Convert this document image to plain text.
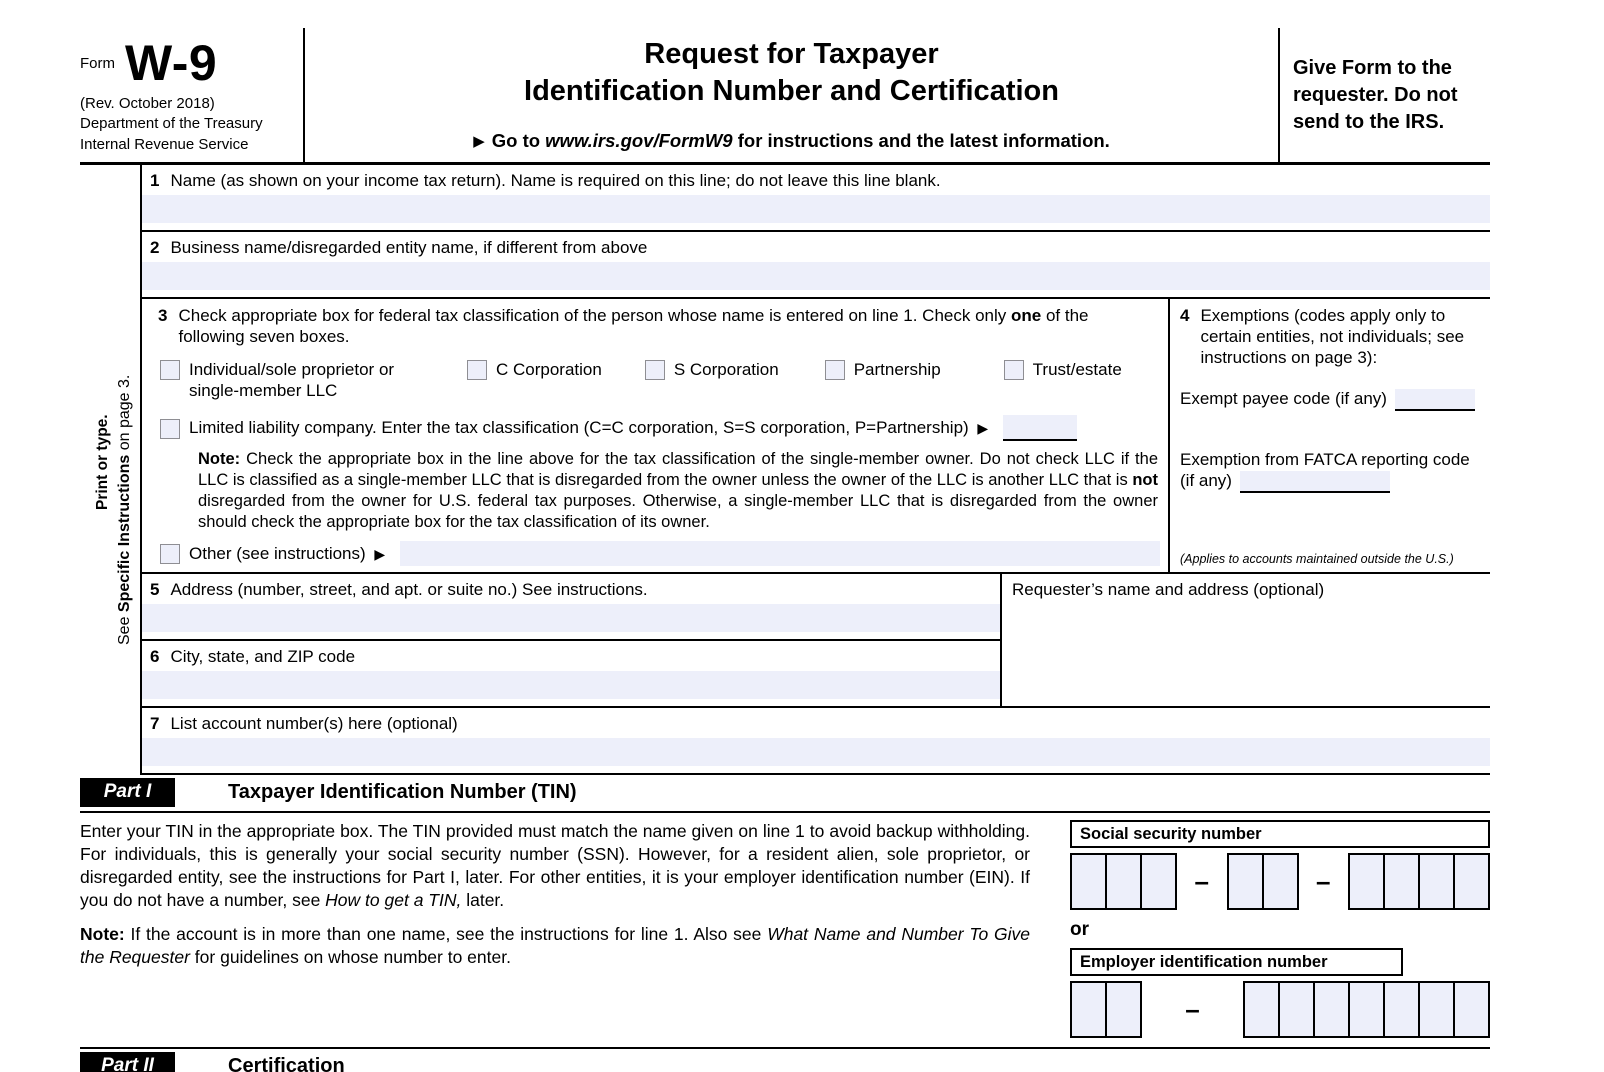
Form W-9
(Rev. October 2018)
Department of the Treasury
Internal Revenue Service
Request for Taxpayer
Identification Number and Certification
▶ Go to www.irs.gov/FormW9 for instructions and the latest information.
Give Form to the requester. Do not send to the IRS.
Print or type.
See Specific Instructions on page 3.
1 Name (as shown on your income tax return). Name is required on this line; do not leave this line blank.
2 Business name/disregarded entity name, if different from above
3 Check appropriate box for federal tax classification of the person whose name is entered on line 1. Check only one of the following seven boxes.
Individual/sole proprietor or single-member LLC
C Corporation	S Corporation	Partnership	Trust/estate
Limited liability company. Enter the tax classification (C=C corporation, S=S corporation, P=Partnership) ▶
Note: Check the appropriate box in the line above for the tax classification of the single-member owner. Do not check LLC if the LLC is classified as a single-member LLC that is disregarded from the owner unless the owner of the LLC is another LLC that is not disregarded from the owner for U.S. federal tax purposes. Otherwise, a single-member LLC that is disregarded from the owner should check the appropriate box for the tax classification of its owner.
Other (see instructions) ▶
4 Exemptions (codes apply only to certain entities, not individuals; see instructions on page 3):
Exempt payee code (if any)
Exemption from FATCA reporting code (if any)
(Applies to accounts maintained outside the U.S.)
5 Address (number, street, and apt. or suite no.) See instructions.
6 City, state, and ZIP code
Requester’s name and address (optional)
7 List account number(s) here (optional)
Part I	Taxpayer Identification Number (TIN)

Enter your TIN in the appropriate box. The TIN provided must match the name given on line 1 to avoid backup withholding. For individuals, this is generally your social security number (SSN). However, for a resident alien, sole proprietor, or disregarded entity, see the instructions for Part I, later. For other entities, it is your employer identification number (EIN). If you do not have a number, see How to get a TIN, later.

Note: If the account is in more than one name, see the instructions for line 1. Also see What Name and Number To Give the Requester for guidelines on whose number to enter.

Social security number
–	–
or
Employer identification number
–
Part II	Certification
